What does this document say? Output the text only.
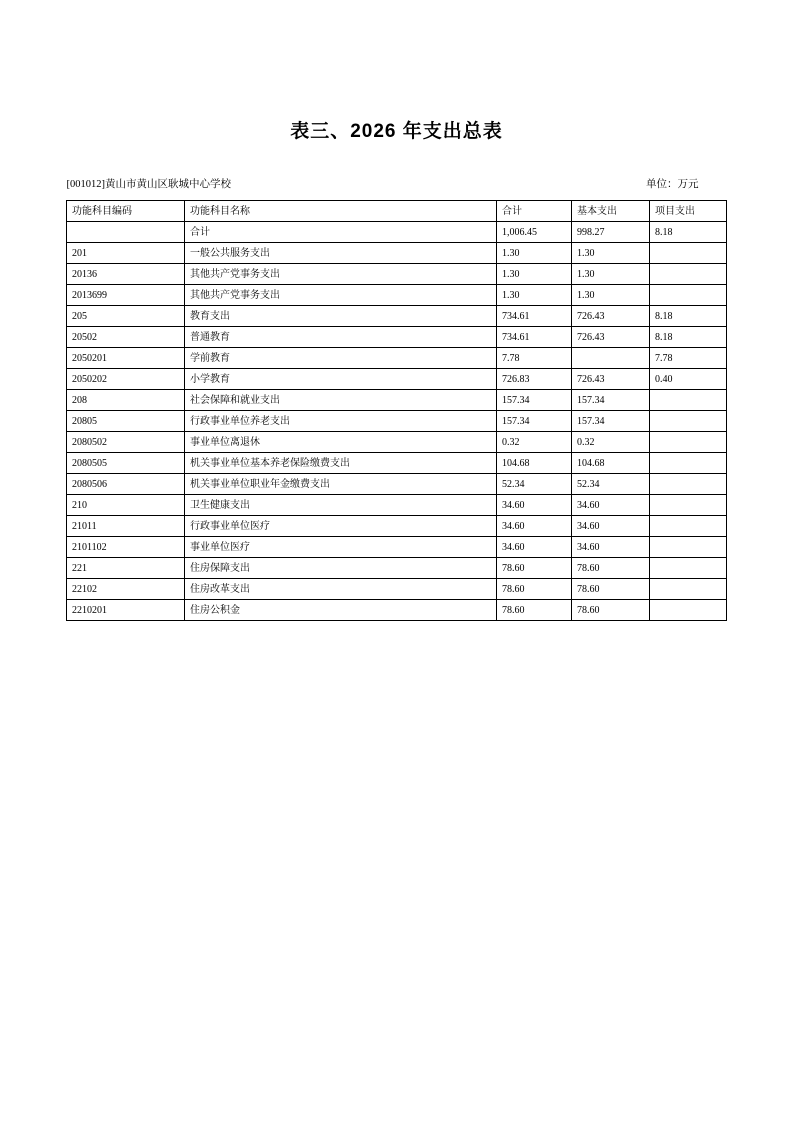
表三、2026 年支出总表
[001012]黄山市黄山区耿城中心学校	单位：万元
功能科目编码	功能科目名称	合计	基本支出	项目支出
	合计	1,006.45	998.27	8.18
201	一般公共服务支出	1.30	1.30	
20136	其他共产党事务支出	1.30	1.30	
2013699	其他共产党事务支出	1.30	1.30	
205	教育支出	734.61	726.43	8.18
20502	普通教育	734.61	726.43	8.18
2050201	学前教育	7.78		7.78
2050202	小学教育	726.83	726.43	0.40
208	社会保障和就业支出	157.34	157.34	
20805	行政事业单位养老支出	157.34	157.34	
2080502	事业单位离退休	0.32	0.32	
2080505	机关事业单位基本养老保险缴费支出	104.68	104.68	
2080506	机关事业单位职业年金缴费支出	52.34	52.34	
210	卫生健康支出	34.60	34.60	
21011	行政事业单位医疗	34.60	34.60	
2101102	事业单位医疗	34.60	34.60	
221	住房保障支出	78.60	78.60	
22102	住房改革支出	78.60	78.60	
2210201	住房公积金	78.60	78.60	
